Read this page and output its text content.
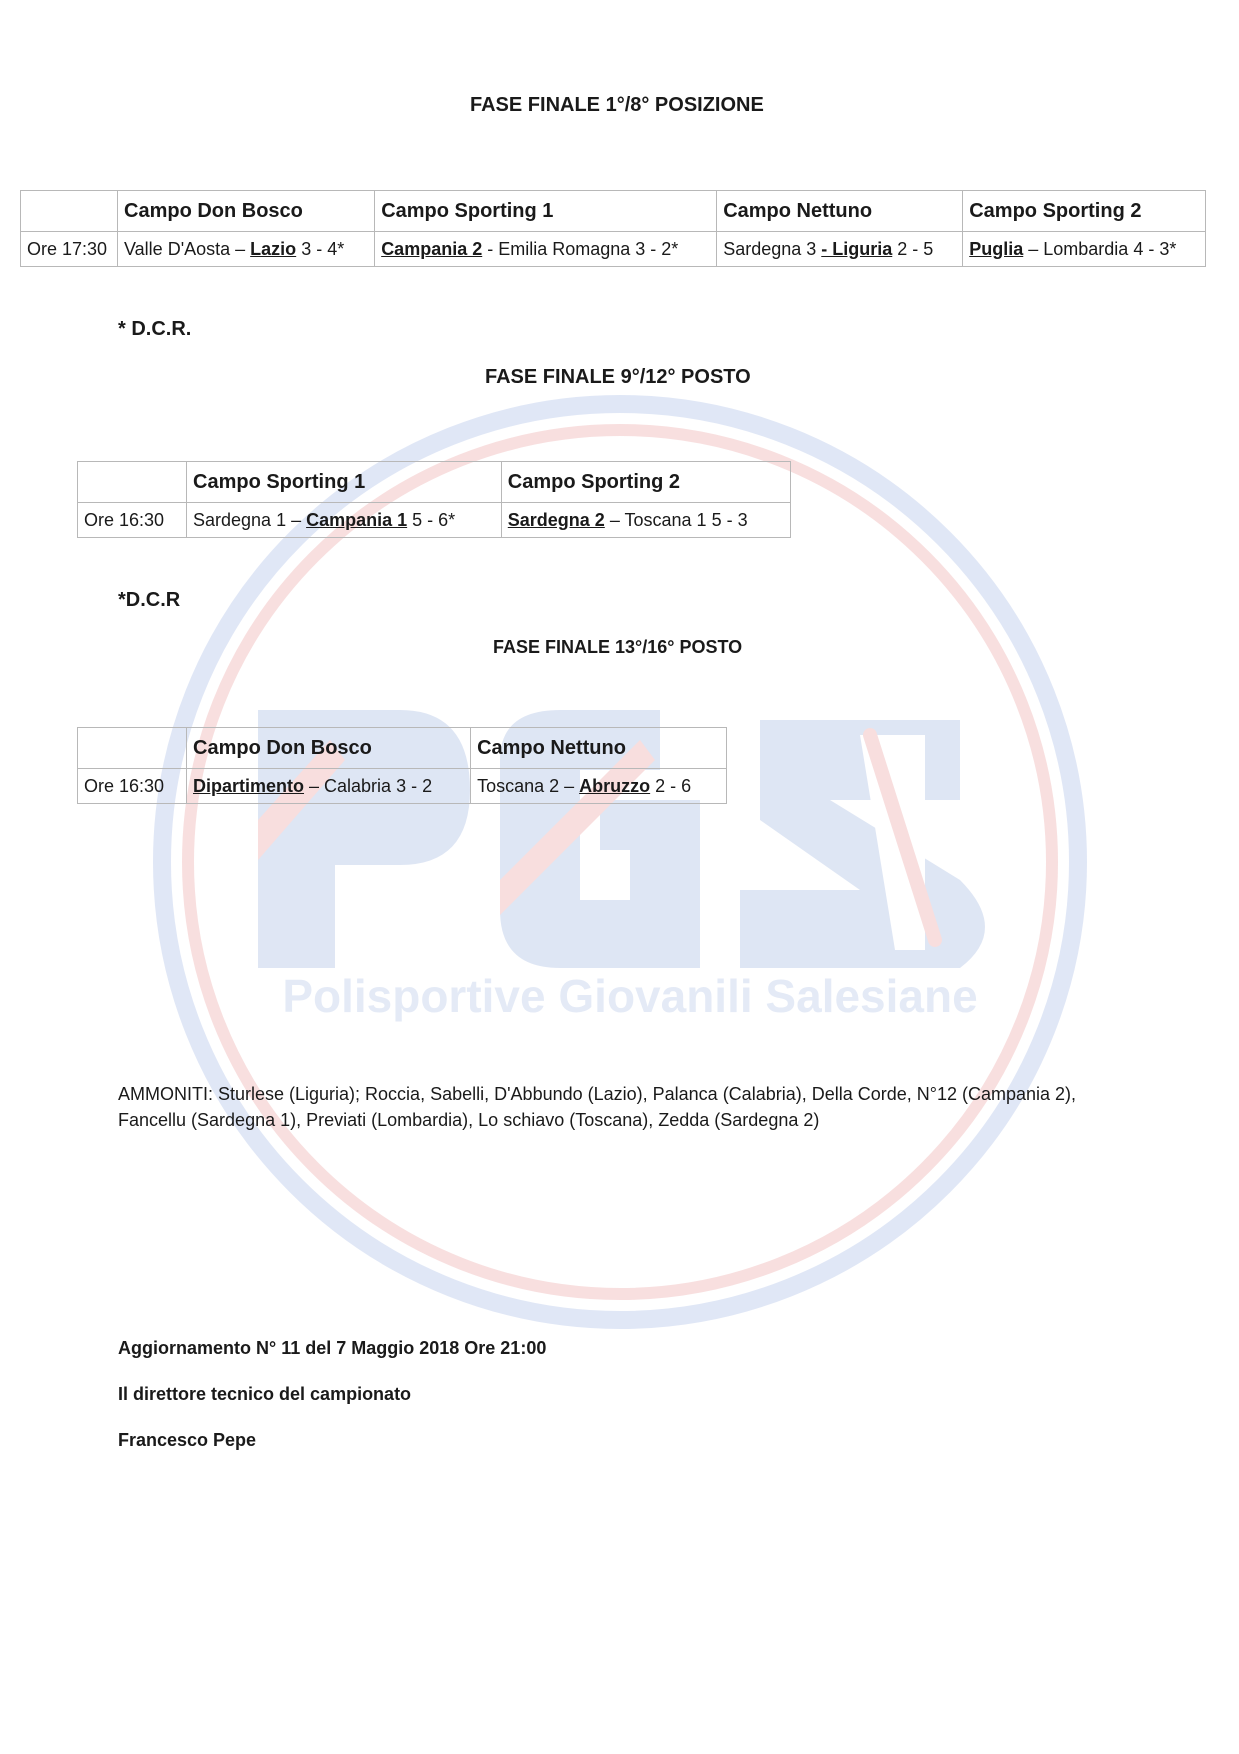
Polisportive Giovanili Salesiane
FASE FINALE 1°/8° POSIZIONE
	Campo Don Bosco	Campo Sporting 1	Campo Nettuno	Campo Sporting 2
Ore 17:30	Valle D'Aosta – Lazio 3 - 4*	Campania 2 - Emilia Romagna 3 - 2*	Sardegna 3 - Liguria 2 - 5	Puglia – Lombardia 4 - 3*
* D.C.R.
FASE FINALE 9°/12° POSTO
	Campo Sporting 1	Campo Sporting 2
Ore 16:30	Sardegna 1 – Campania 1 5 - 6*	Sardegna 2 – Toscana 1 5 - 3
*D.C.R
FASE FINALE 13°/16° POSTO
	Campo Don Bosco	Campo Nettuno
Ore 16:30	Dipartimento – Calabria 3 - 2	Toscana 2 – Abruzzo 2 - 6
AMMONITI: Sturlese (Liguria); Roccia, Sabelli, D'Abbundo (Lazio), Palanca (Calabria), Della Corde, N°12 (Campania 2), Fancellu (Sardegna 1), Previati (Lombardia), Lo schiavo (Toscana), Zedda (Sardegna 2)
Aggiornamento N° 11 del 7 Maggio 2018 Ore 21:00
Il direttore tecnico del campionato
Francesco Pepe
